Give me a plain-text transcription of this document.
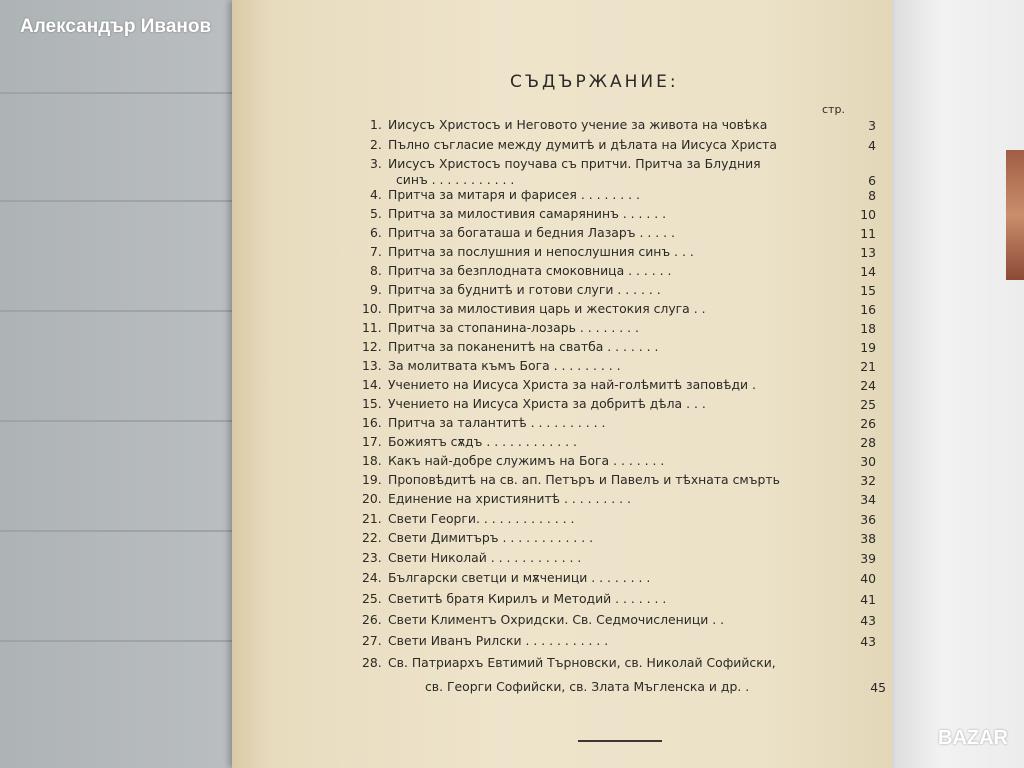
Александър Иванов
BAZAR
СЪДЪРЖАНИЕ:
стр.
1. Иисусъ Христосъ и Неговото учение за живота на човѣка	3
2. Пълно съгласие между думитѣ и дѣлата на Иисуса Христа	4
3. Иисусъ Христосъ поучава съ притчи. Притча за Блудния
синъ . . . . . . . . . . .	6
4. Притча за митаря и фарисея . . . . . . . .	8
5. Притча за милостивия самарянинъ . . . . . .	10
6. Притча за богаташа и бедния Лазаръ . . . . .	11
7. Притча за послушния и непослушния синъ . . .	13
8. Притча за безплодната смоковница . . . . . .	14
9. Притча за буднитѣ и готови слуги . . . . . .	15
10. Притча за милостивия царь и жестокия слуга . .	16
11. Притча за стопанина-лозарь . . . . . . . .	18
12. Притча за поканенитѣ на сватба . . . . . . .	19
13. За молитвата къмъ Бога . . . . . . . . .	21
14. Учението на Иисуса Христа за най-голѣмитѣ заповѣди .	24
15. Учението на Иисуса Христа за добритѣ дѣла . . .	25
16. Притча за талантитѣ . . . . . . . . . .	26
17. Божиятъ сѫдъ . . . . . . . . . . . .	28
18. Какъ най-добре служимъ на Бога . . . . . . .	30
19. Проповѣдитѣ на св. ап. Петъръ и Павелъ и тѣхната смърть	32
20. Единение на християнитѣ . . . . . . . . .	34
21. Свети Георги. . . . . . . . . . . . .	36
22. Свети Димитъръ . . . . . . . . . . . .	38
23. Свети Николай . . . . . . . . . . . .	39
24. Български светци и мѫченици . . . . . . . .	40
25. Светитѣ братя Кирилъ и Методий . . . . . . .	41
26. Свети Климентъ Охридски. Св. Седмочисленици . .	43
27. Свети Иванъ Рилски . . . . . . . . . . .	43
28. Св. Патриархъ Евтимий Търновски, св. Николай Софийски,
св. Георги Софийски, св. Злата Мъгленска и др. .	45
